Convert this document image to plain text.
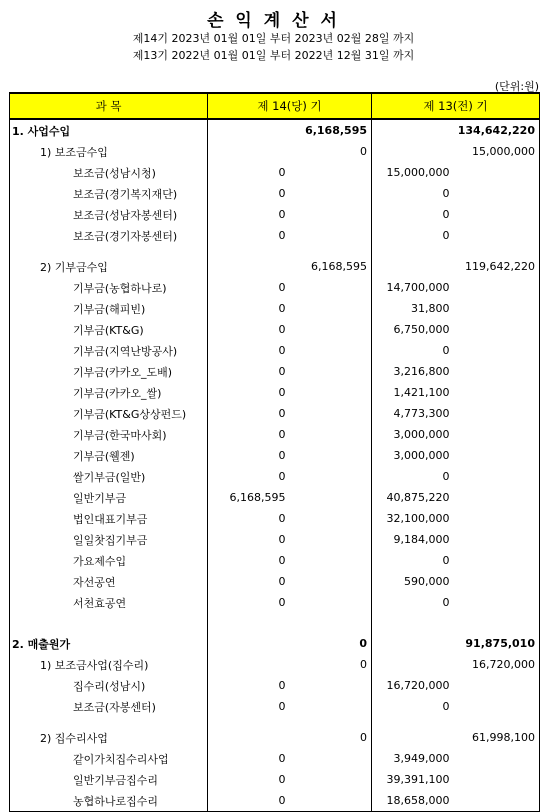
손 익 계 산 서
제14기 2023년 01월 01일 부터 2023년 02월 28일 까지
제13기 2022년 01월 01일 부터 2022년 12월 31일 까지
(단위:원)
과 목	제 14(당) 기		제 13(전) 기	
1. 사업수입		6,168,595		134,642,220
1) 보조금수입		0		15,000,000
보조금(성남시청)	0		15,000,000	
보조금(경기복지재단)	0		0	
보조금(성남자봉센터)	0		0	
보조금(경기자봉센터)	0		0	

2) 기부금수입		6,168,595		119,642,220
기부금(농협하나로)	0		14,700,000	
기부금(해피빈)	0		31,800	
기부금(KT&G)	0		6,750,000	
기부금(지역난방공사)	0		0	
기부금(카카오_도배)	0		3,216,800	
기부금(카카오_쌀)	0		1,421,100	
기부금(KT&G상상펀드)	0		4,773,300	
기부금(한국마사회)	0		3,000,000	
기부금(웰젠)	0		3,000,000	
쌀기부금(일반)	0		0	
일반기부금	6,168,595		40,875,220	
법인대표기부금	0		32,100,000	
일일찻집기부금	0		9,184,000	
가요제수입	0		0	
자선공연	0		590,000	
서천효공연	0		0	

2. 매출원가		0		91,875,010
1) 보조금사업(집수리)		0		16,720,000
집수리(성남시)	0		16,720,000	
보조금(자봉센터)	0		0	

2) 집수리사업		0		61,998,100
같이가치집수리사업	0		3,949,000	
일반기부금집수리	0		39,391,100	
농협하나로집수리	0		18,658,000	
